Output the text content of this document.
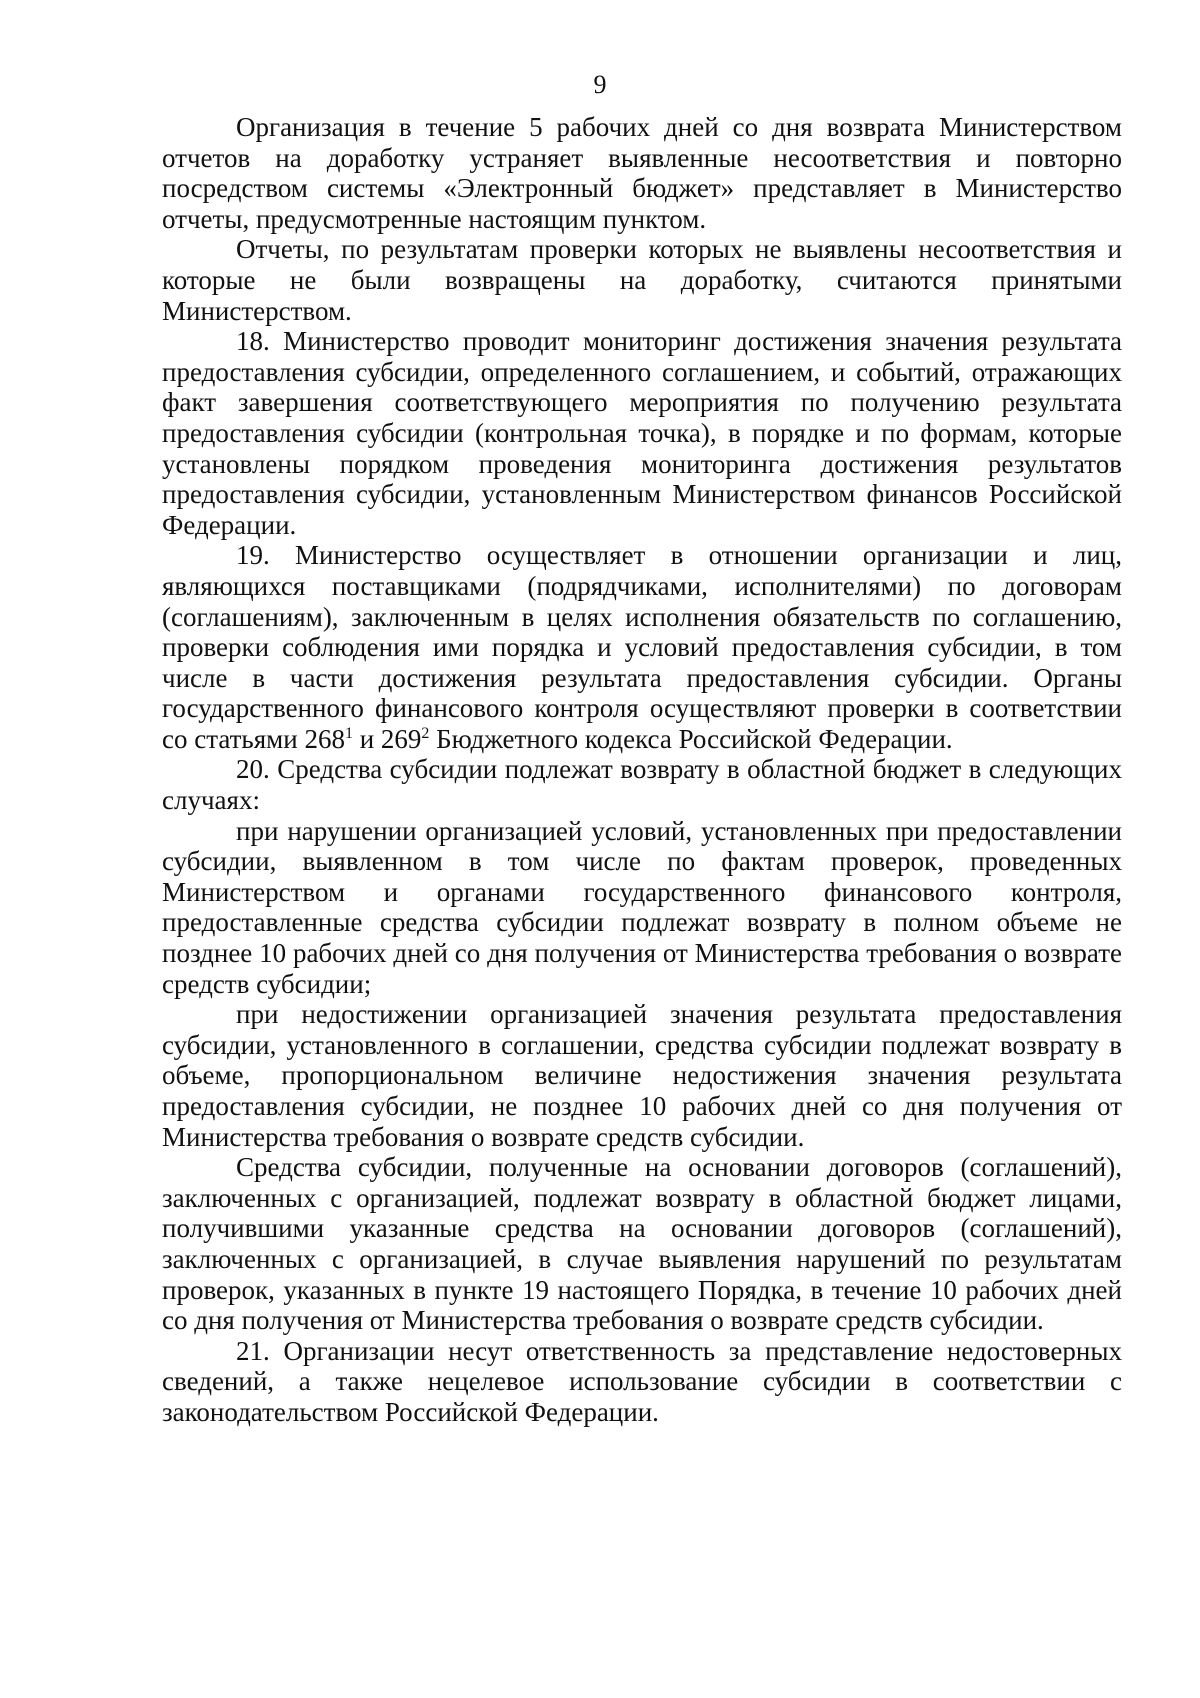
9

Организация в течение 5 рабочих дней со дня возврата Министерством отчетов на доработку устраняет выявленные несоответствия и повторно посредством системы «Электронный бюджет» представляет в Министерство отчеты, предусмотренные настоящим пунктом.

Отчеты, по результатам проверки которых не выявлены несоответствия и которые не были возвращены на доработку, считаются принятыми Министерством.

18. Министерство проводит мониторинг достижения значения результата предоставления субсидии, определенного соглашением, и событий, отражающих факт завершения соответствующего мероприятия по получению результата предоставления субсидии (контрольная точка), в порядке и по формам, которые установлены порядком проведения мониторинга достижения результатов предоставления субсидии, установленным Министерством финансов Российской Федерации.

19. Министерство осуществляет в отношении организации и лиц, являющихся поставщиками (подрядчиками, исполнителями) по договорам (соглашениям), заключенным в целях исполнения обязательств по соглашению, проверки соблюдения ими порядка и условий предоставления субсидии, в том числе в части достижения результата предоставления субсидии. Органы государственного финансового контроля осуществляют проверки в соответствии со статьями $268^1$ и $269^2$ Бюджетного кодекса Российской Федерации.

20. Средства субсидии подлежат возврату в областной бюджет в следующих случаях:

при нарушении организацией условий, установленных при предоставлении субсидии, выявленном в том числе по фактам проверок, проведенных Министерством и органами государственного финансового контроля, предоставленные средства субсидии подлежат возврату в полном объеме не позднее 10 рабочих дней со дня получения от Министерства требования о возврате средств субсидии;

при недостижении организацией значения результата предоставления субсидии, установленного в соглашении, средства субсидии подлежат возврату в объеме, пропорциональном величине недостижения значения результата предоставления субсидии, не позднее 10 рабочих дней со дня получения от Министерства требования о возврате средств субсидии.

Средства субсидии, полученные на основании договоров (соглашений), заключенных с организацией, подлежат возврату в областной бюджет лицами, получившими указанные средства на основании договоров (соглашений), заключенных с организацией, в случае выявления нарушений по результатам проверок, указанных в пункте 19 настоящего Порядка, в течение 10 рабочих дней со дня получения от Министерства требования о возврате средств субсидии.

21. Организации несут ответственность за представление недостоверных сведений, а также нецелевое использование субсидии в соответствии с законодательством Российской Федерации.
